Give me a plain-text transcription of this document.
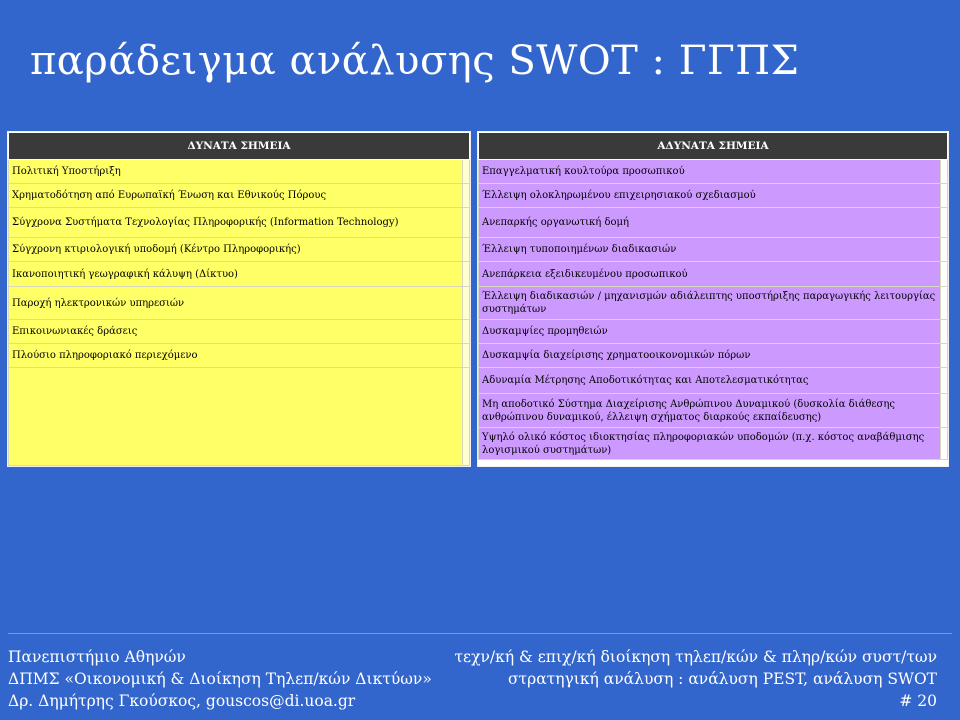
παράδειγμα ανάλυσης SWOT : ΓΓΠΣ
ΔΥΝΑΤΑ ΣΗΜΕΙΑ	
Πολιτική Υποστήριξη	
Χρηματοδότηση από Ευρωπαϊκή Ένωση και Εθνικούς Πόρους	
Σύγχρονα Συστήματα Τεχνολογίας Πληροφορικής (Information Technology)	
Σύγχρονη κτιριολογική υποδομή (Κέντρο Πληροφορικής)	
Ικανοποιητική γεωγραφική κάλυψη (Δίκτυο)	
Παροχή ηλεκτρονικών υπηρεσιών	
Επικοινωνιακές δράσεις	
Πλούσιο πληροφοριακό περιεχόμενο	

ΑΔΥΝΑΤΑ ΣΗΜΕΙΑ	
Επαγγελματική κουλτούρα προσωπικού	
Έλλειψη ολοκληρωμένου επιχειρησιακού σχεδιασμού	
Ανεπαρκής οργανωτική δομή	
Έλλειψη τυποποιημένων διαδικασιών	
Ανεπάρκεια εξειδικευμένου προσωπικού	
Έλλειψη διαδικασιών / μηχανισμών αδιάλειπτης υποστήριξης παραγωγικής λειτουργίας συστημάτων	
Δυσκαμψίες προμηθειών	
Δυσκαμψία διαχείρισης χρηματοοικονομικών πόρων	
Αδυναμία Μέτρησης Αποδοτικότητας και Αποτελεσματικότητας	
Μη αποδοτικό Σύστημα Διαχείρισης Ανθρώπινου Δυναμικού (δυσκολία διάθεσης ανθρώπινου δυναμικού, έλλειψη σχήματος διαρκούς εκπαίδευσης)	
Υψηλό ολικό κόστος ιδιοκτησίας πληροφοριακών υποδομών (π.χ. κόστος αναβάθμισης λογισμικού συστημάτων)	
Πανεπιστήμιο Αθηνών
ΔΠΜΣ «Οικονομική & Διοίκηση Τηλεπ/κών Δικτύων»
Δρ. Δημήτρης Γκούσκος, gouscos@di.uoa.gr
τεχν/κή & επιχ/κή διοίκηση τηλεπ/κών & πληρ/κών συστ/των
στρατηγική ανάλυση : ανάλυση PEST, ανάλυση SWOT
# 20
